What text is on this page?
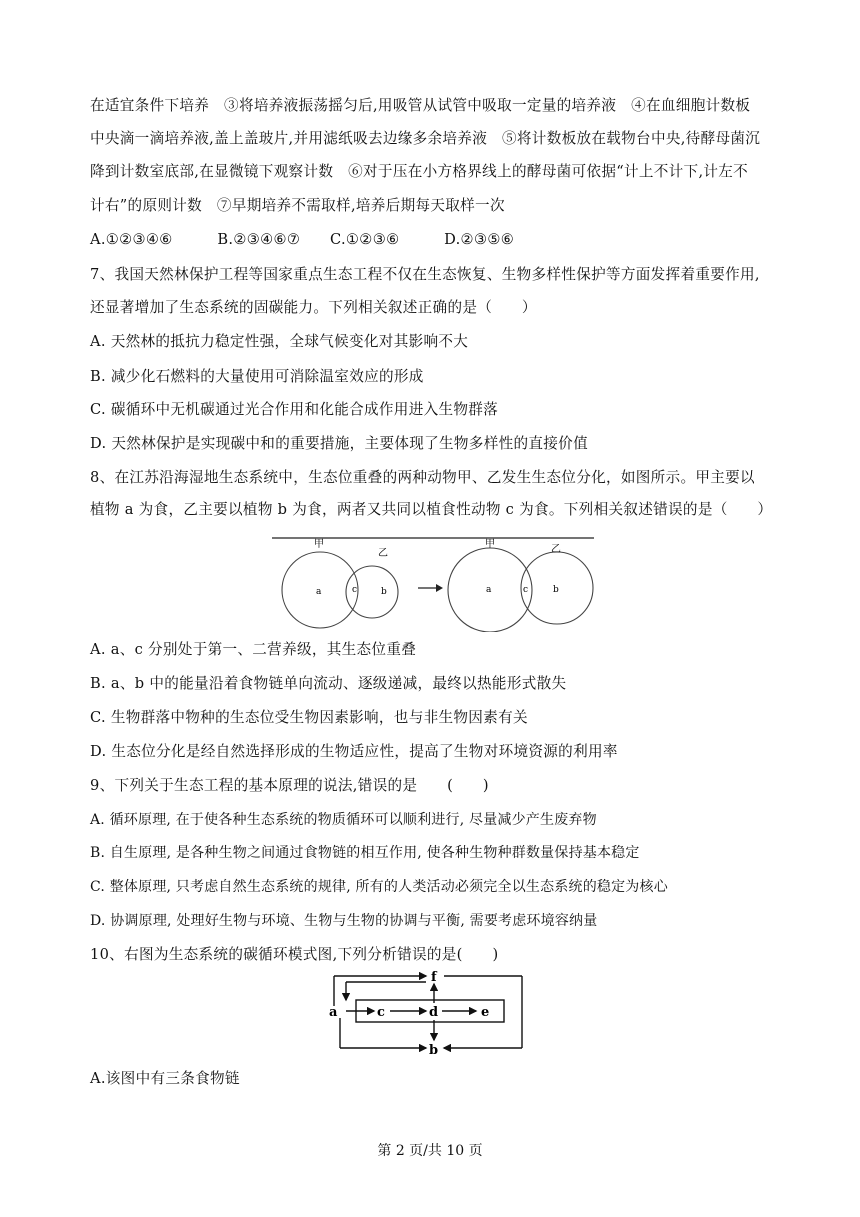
在适宜条件下培养　③将培养液振荡摇匀后,用吸管从试管中吸取一定量的培养液　④在血细胞计数板
中央滴一滴培养液,盖上盖玻片,并用滤纸吸去边缘多余培养液　⑤将计数板放在载物台中央,待酵母菌沉
降到计数室底部,在显微镜下观察计数　⑥对于压在小方格界线上的酵母菌可依据“计上不计下,计左不
计右”的原则计数　⑦早期培养不需取样,培养后期每天取样一次
A.①②③④⑥　　　B.②③④⑥⑦　　C.①②③⑥　　　D.②③⑤⑥
7、我国天然林保护工程等国家重点生态工程不仅在生态恢复、生物多样性保护等方面发挥着重要作用,
还显著增加了生态系统的固碳能力。下列相关叙述正确的是（　　）
A. 天然林的抵抗力稳定性强，全球气候变化对其影响不大
B. 减少化石燃料的大量使用可消除温室效应的形成
C. 碳循环中无机碳通过光合作用和化能合成作用进入生物群落
D. 天然林保护是实现碳中和的重要措施，主要体现了生物多样性的直接价值
8、在江苏沿海湿地生态系统中，生态位重叠的两种动物甲、乙发生生态位分化，如图所示。甲主要以
植物 a 为食，乙主要以植物 b 为食，两者又共同以植食性动物 c 为食。下列相关叙述错误的是（　　）
甲
乙
a	c	b
甲	乙
a	c	b
A. a、c 分别处于第一、二营养级，其生态位重叠
B. a、b 中的能量沿着食物链单向流动、逐级递减，最终以热能形式散失
C. 生物群落中物种的生态位受生物因素影响，也与非生物因素有关
D. 生态位分化是经自然选择形成的生物适应性，提高了生物对环境资源的利用率
9、下列关于生态工程的基本原理的说法,错误的是　　(　　)
A. 循环原理, 在于使各种生态系统的物质循环可以顺利进行, 尽量减少产生废弃物
B. 自生原理, 是各种生物之间通过食物链的相互作用, 使各种生物种群数量保持基本稳定
C. 整体原理, 只考虑自然生态系统的规律, 所有的人类活动必须完全以生态系统的稳定为核心
D. 协调原理, 处理好生物与环境、生物与生物的协调与平衡, 需要考虑环境容纳量
10、右图为生态系统的碳循环模式图,下列分析错误的是(　　)
a
b
c	d	e
f
A.该图中有三条食物链
第 2 页/共 10 页
